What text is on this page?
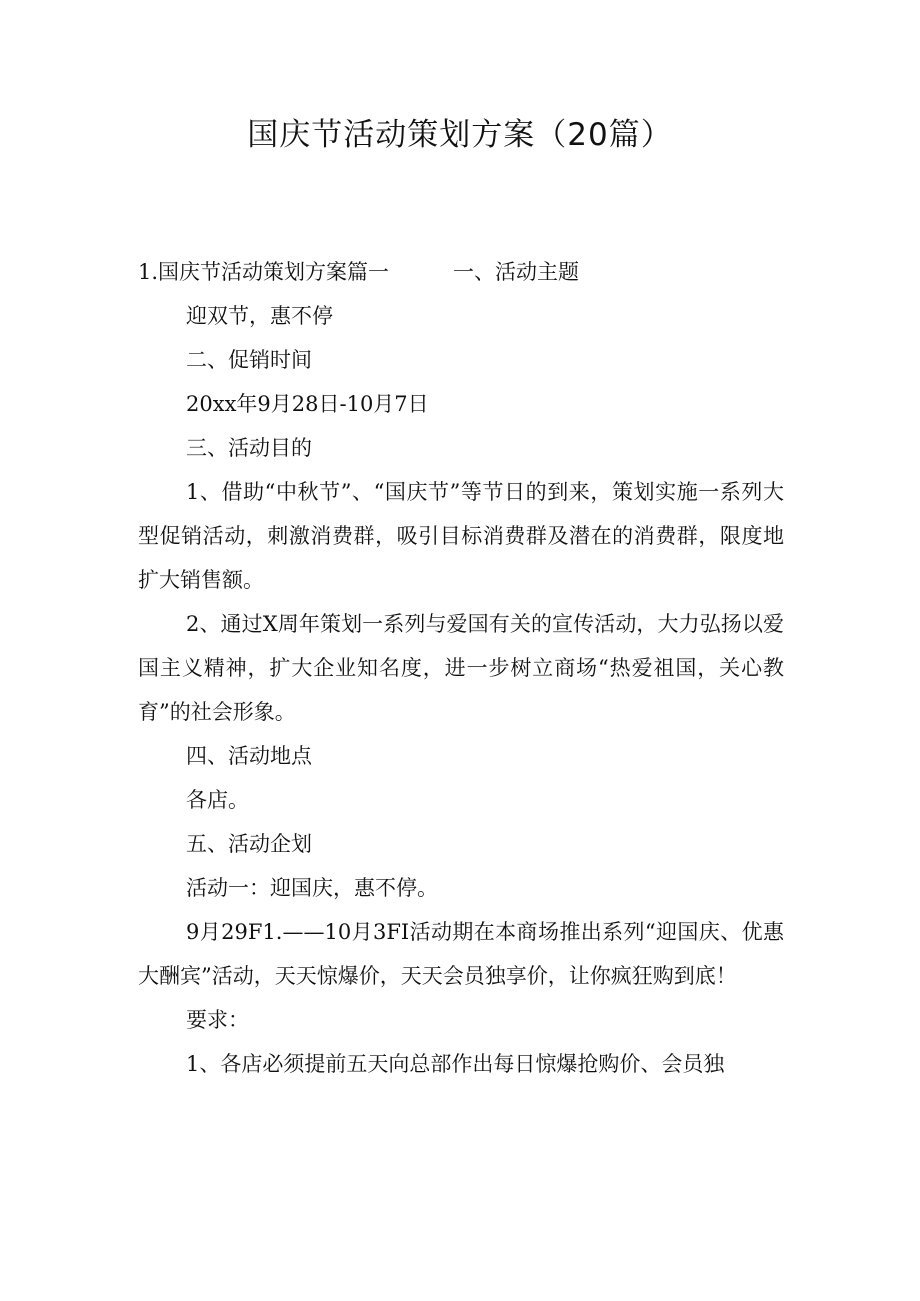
国庆节活动策划方案（20篇）

1.国庆节活动策划方案篇一	一、活动主题

迎双节，惠不停

二、促销时间

20xx年9月28日-10月7日

三、活动目的

1、借助“中秋节”、“国庆节”等节日的到来，策划实施一系列大型促销活动，刺激消费群，吸引目标消费群及潜在的消费群，限度地扩大销售额。

2、通过X周年策划一系列与爱国有关的宣传活动，大力弘扬以爱国主义精神，扩大企业知名度，进一步树立商场“热爱祖国，关心教育”的社会形象。

四、活动地点

各店。

五、活动企划

活动一：迎国庆，惠不停。

9月29F1.——10月3FI活动期在本商场推出系列“迎国庆、优惠大酬宾”活动，天天惊爆价，天天会员独享价，让你疯狂购到底！

要求：

1、各店必须提前五天向总部作出每日惊爆抢购价、会员独
